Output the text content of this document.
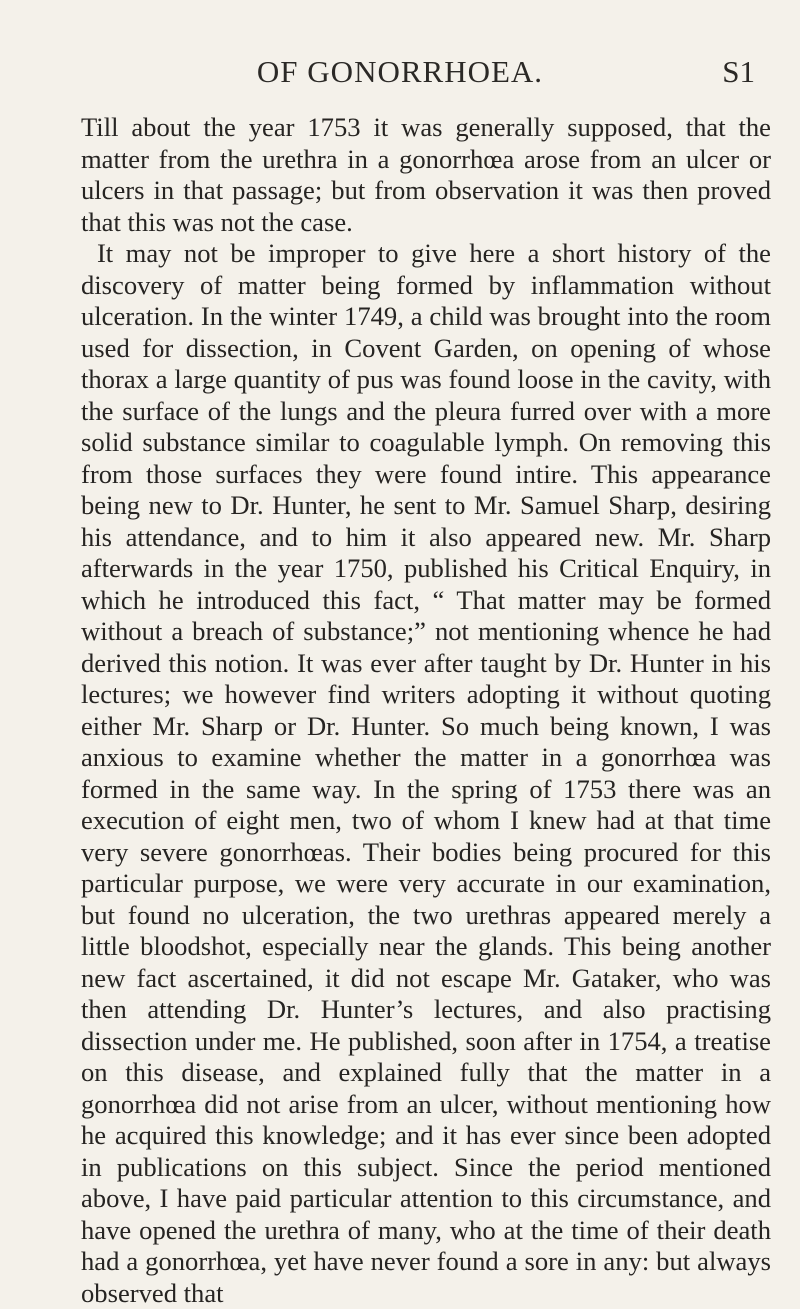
OF GONORRHOEA.	S1

Till about the year 1753 it was generally supposed, that the matter from the urethra in a gonorrhœa arose from an ulcer or ulcers in that passage; but from observation it was then proved that this was not the case.

It may not be improper to give here a short history of the discovery of matter being formed by inflammation without ulceration. In the winter 1749, a child was brought into the room used for dissection, in Covent Garden, on opening of whose thorax a large quantity of pus was found loose in the cavity, with the surface of the lungs and the pleura furred over with a more solid substance similar to coagulable lymph. On removing this from those surfaces they were found intire. This appearance being new to Dr. Hunter, he sent to Mr. Samuel Sharp, desiring his attendance, and to him it also appeared new. Mr. Sharp afterwards in the year 1750, published his Critical Enquiry, in which he introduced this fact, “ That matter may be formed without a breach of substance;” not mentioning whence he had derived this notion. It was ever after taught by Dr. Hunter in his lectures; we however find writers adopting it without quoting either Mr. Sharp or Dr. Hunter. So much being known, I was anxious to examine whether the matter in a gonorrhœa was formed in the same way. In the spring of 1753 there was an execution of eight men, two of whom I knew had at that time very severe gonorrhœas. Their bodies being procured for this particular purpose, we were very accurate in our examination, but found no ulceration, the two urethras appeared merely a little bloodshot, especially near the glands. This being another new fact ascertained, it did not escape Mr. Gataker, who was then attending Dr. Hunter’s lectures, and also practising dissection under me. He published, soon after in 1754, a treatise on this disease, and explained fully that the matter in a gonorrhœa did not arise from an ulcer, without mentioning how he acquired this knowledge; and it has ever since been adopted in publications on this subject. Since the period mentioned above, I have paid particular attention to this circumstance, and have opened the urethra of many, who at the time of their death had a gonorrhœa, yet have never found a sore in any: but always observed that
